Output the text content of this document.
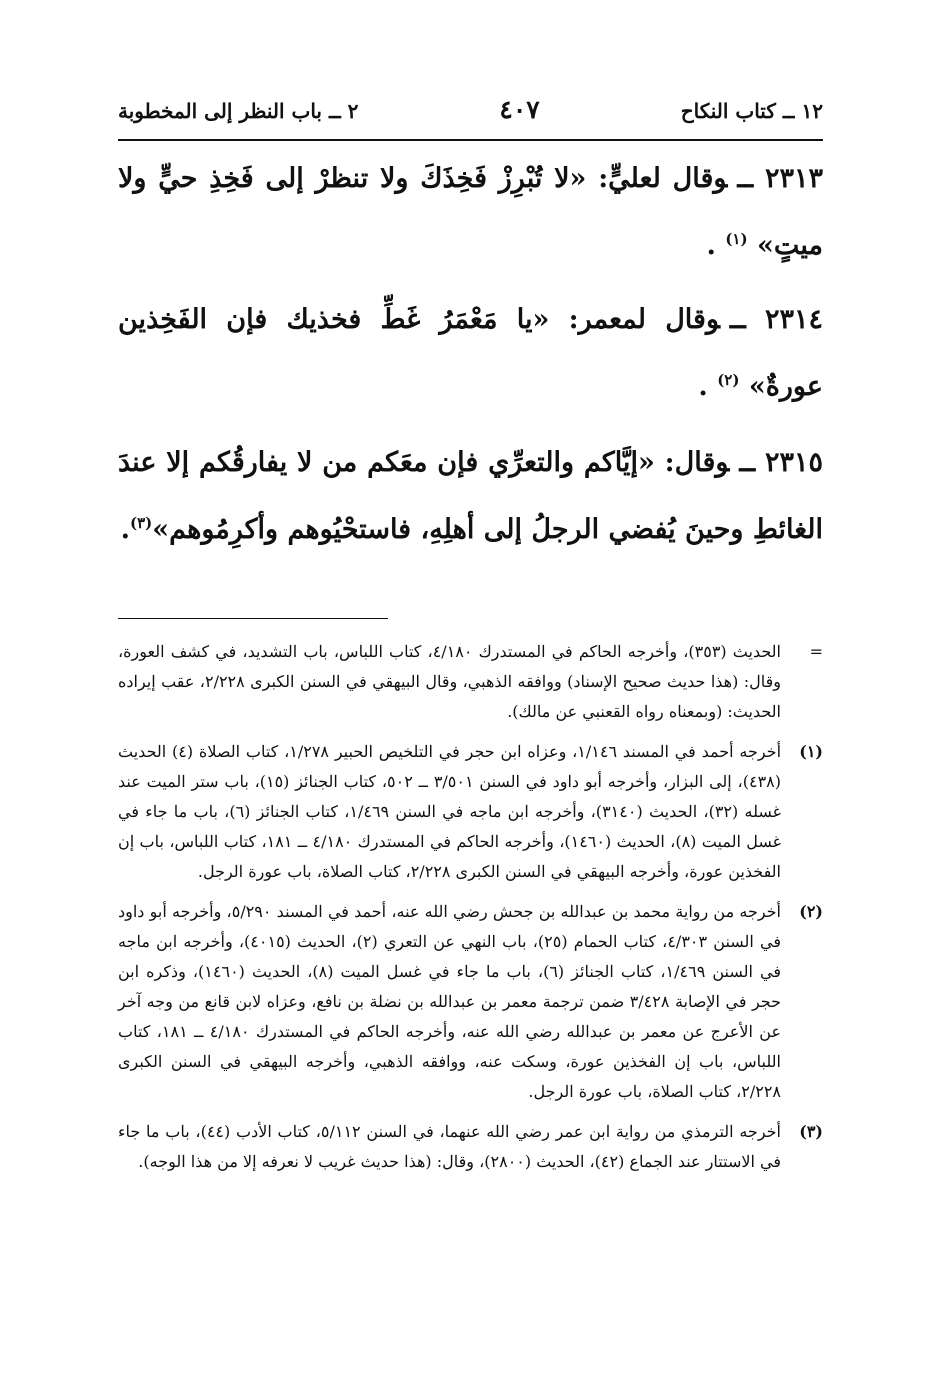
١٢ ــ كتاب النكاح
٤٠٧
٢ ــ باب النظر إلى المخطوبة

٢٣١٣ ــوقال لعليٍّ: «لا تُبْرِزْ فَخِذَكَ ولا تنظرْ إلى فَخِذِ حيٍّ ولا ميتٍ» $^{(١)}$ .

٢٣١٤ ــوقال لمعمر: «يا مَعْمَرُ غَطِّ فخذيك فإن الفَخِذين عورةٌ» $^{(٢)}$ .

٢٣١٥ ــوقال: «إيَّاكم والتعرِّي فإن معَكم من لا يفارقُكم إلا عندَ الغائطِ وحينَ يُفضي الرجلُ إلى أهلِهِ، فاستحْيُوهم وأكرِمُوهم»$^{(٣)}$.

=
الحديث (٣٥٣)، وأخرجه الحاكم في المستدرك ٤/١٨٠، كتاب اللباس، باب التشديد، في كشف العورة، وقال: (هذا حديث صحيح الإسناد) ووافقه الذهبي، وقال البيهقي في السنن الكبرى ٢/٢٢٨، عقب إيراده الحديث: (وبمعناه رواه القعنبي عن مالك).
(١)
أخرجه أحمد في المسند ١/١٤٦، وعزاه ابن حجر في التلخيص الحبير ١/٢٧٨، كتاب الصلاة (٤) الحديث (٤٣٨)، إلى البزار، وأخرجه أبو داود في السنن ٣/٥٠١ ــ ٥٠٢، كتاب الجنائز (١٥)، باب ستر الميت عند غسله (٣٢)، الحديث (٣١٤٠)، وأخرجه ابن ماجه في السنن ١/٤٦٩، كتاب الجنائز (٦)، باب ما جاء في غسل الميت (٨)، الحديث (١٤٦٠)، وأخرجه الحاكم في المستدرك ٤/١٨٠ ــ ١٨١، كتاب اللباس، باب إن الفخذين عورة، وأخرجه البيهقي في السنن الكبرى ٢/٢٢٨، كتاب الصلاة، باب عورة الرجل.
(٢)
أخرجه من رواية محمد بن عبدالله بن جحش رضي الله عنه، أحمد في المسند ٥/٢٩٠، وأخرجه أبو داود في السنن ٤/٣٠٣، كتاب الحمام (٢٥)، باب النهي عن التعري (٢)، الحديث (٤٠١٥)، وأخرجه ابن ماجه في السنن ١/٤٦٩، كتاب الجنائز (٦)، باب ما جاء في غسل الميت (٨)، الحديث (١٤٦٠)، وذكره ابن حجر في الإصابة ٣/٤٢٨ ضمن ترجمة معمر بن عبدالله بن نضلة بن نافع، وعزاه لابن قانع من وجه آخر عن الأعرج عن معمر بن عبدالله رضي الله عنه، وأخرجه الحاكم في المستدرك ٤/١٨٠ ــ ١٨١، كتاب اللباس، باب إن الفخذين عورة، وسكت عنه، ووافقه الذهبي، وأخرجه البيهقي في السنن الكبرى ٢/٢٢٨، كتاب الصلاة، باب عورة الرجل.
(٣)
أخرجه الترمذي من رواية ابن عمر رضي الله عنهما، في السنن ٥/١١٢، كتاب الأدب (٤٤)، باب ما جاء في الاستتار عند الجماع (٤٢)، الحديث (٢٨٠٠)، وقال: (هذا حديث غريب لا نعرفه إلا من هذا الوجه).
